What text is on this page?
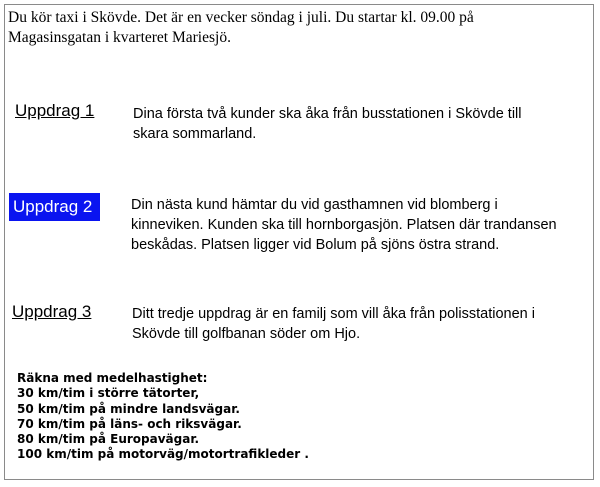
Du kör taxi i Skövde. Det är en vecker söndag i juli. Du startar kl. 09.00 på
Magasinsgatan i kvarteret Mariesjö.
Uppdrag 1	Dina första två kunder ska åka från busstationen i Skövde till
skara sommarland.
Uppdrag 2	Din nästa kund hämtar du vid gasthamnen vid blomberg i
kinneviken. Kunden ska till hornborgasjön. Platsen där trandansen
beskådas. Platsen ligger vid Bolum på sjöns östra strand.
Uppdrag 3	Ditt tredje uppdrag är en familj som vill åka från polisstationen i
Skövde till golfbanan söder om Hjo.
Räkna med medelhastighet:
30 km/tim i större tätorter,
50 km/tim på mindre landsvägar.
70 km/tim på läns- och riksvägar.
80 km/tim på Europavägar.
100 km/tim på motorväg/motortrafikleder .
